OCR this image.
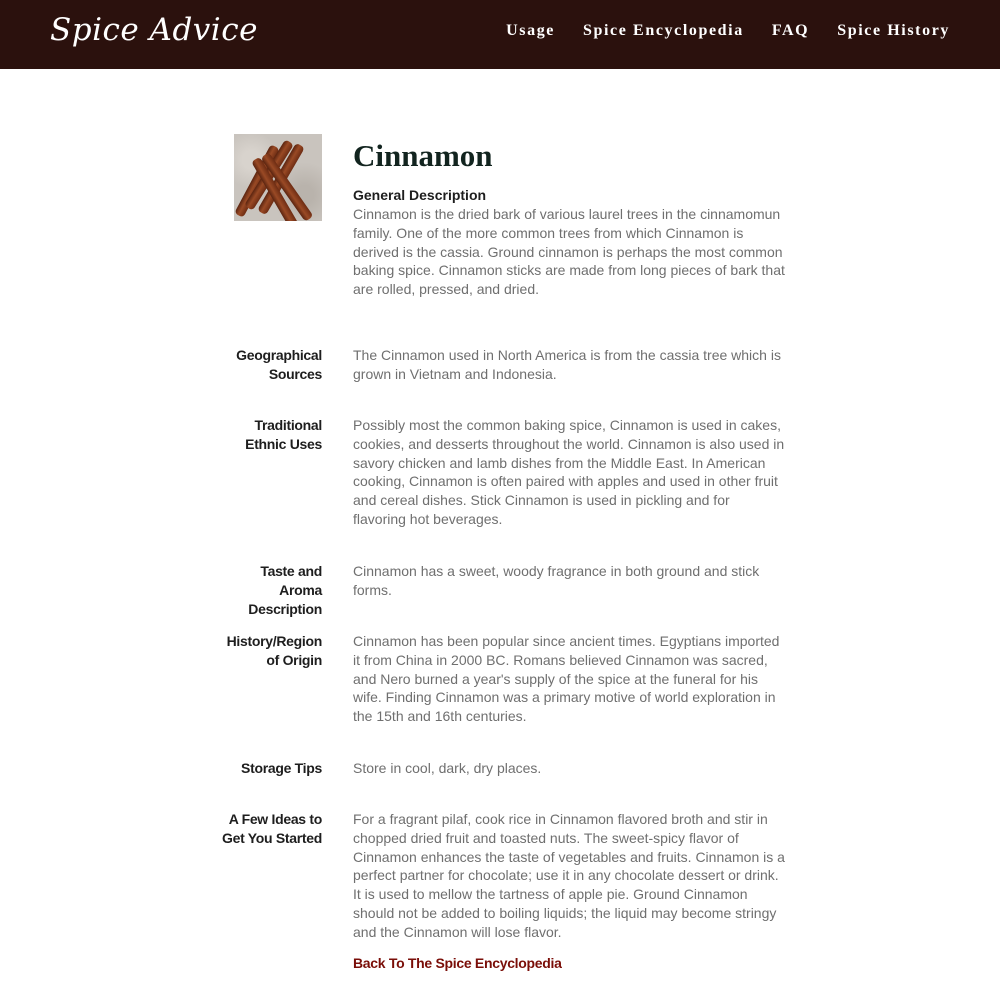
Spice Advice	Usage Spice Encyclopedia FAQ Spice History
Cinnamon
General Description

Cinnamon is the dried bark of various laurel trees in the cinnamomun family. One of the more common trees from which Cinnamon is derived is the cassia. Ground cinnamon is perhaps the most common baking spice. Cinnamon sticks are made from long pieces of bark that are rolled, pressed, and dried.

Geographical Sources

The Cinnamon used in North America is from the cassia tree which is grown in Vietnam and Indonesia.

Traditional Ethnic Uses

Possibly most the common baking spice, Cinnamon is used in cakes, cookies, and desserts throughout the world. Cinnamon is also used in savory chicken and lamb dishes from the Middle East. In American cooking, Cinnamon is often paired with apples and used in other fruit and cereal dishes. Stick Cinnamon is used in pickling and for flavoring hot beverages.

Taste and Aroma Description

Cinnamon has a sweet, woody fragrance in both ground and stick forms.

History/Region of Origin

Cinnamon has been popular since ancient times. Egyptians imported it from China in 2000 BC. Romans believed Cinnamon was sacred, and Nero burned a year's supply of the spice at the funeral for his wife. Finding Cinnamon was a primary motive of world exploration in the 15th and 16th centuries.

Storage Tips Store in cool, dark, dry places.

A Few Ideas to Get You Started

For a fragrant pilaf, cook rice in Cinnamon flavored broth and stir in chopped dried fruit and toasted nuts. The sweet-spicy flavor of Cinnamon enhances the taste of vegetables and fruits. Cinnamon is a perfect partner for chocolate; use it in any chocolate dessert or drink. It is used to mellow the tartness of apple pie. Ground Cinnamon should not be added to boiling liquids; the liquid may become stringy and the Cinnamon will lose flavor.

Back To The Spice Encyclopedia
